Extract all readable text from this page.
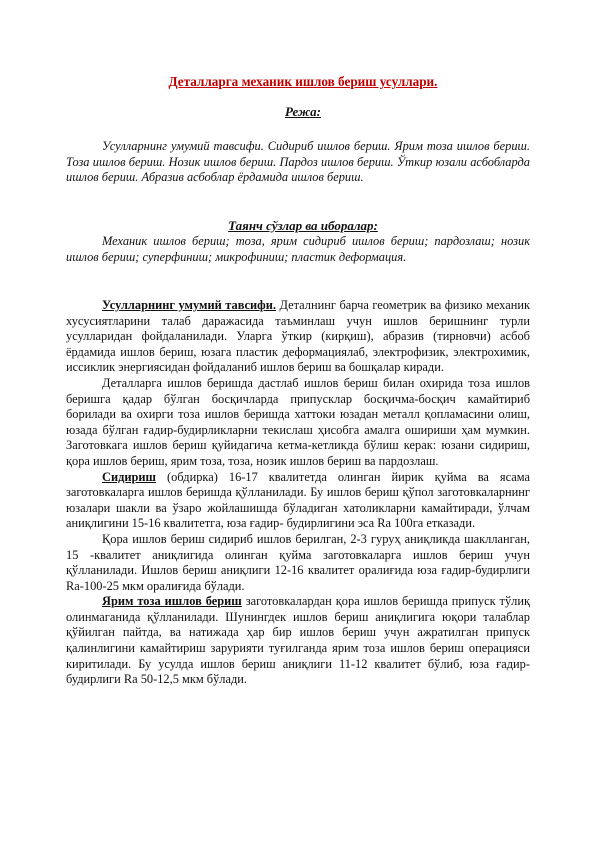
Деталларга механик ишлов бериш усуллари.
Режа:

Усулларнинг умумий тавсифи. Сидириб ишлов бериш. Ярим тоза ишлов бериш. Тоза ишлов бериш. Нозик ишлов бериш. Пардоз ишлов бериш. Ўткир юзали асбобларда ишлов бериш. Абразив асбоблар ёрдамида ишлов бериш.

Таянч сўзлар ва иборалар:

Механик ишлов бериш; тоза, ярим сидириб ишлов бериш; пардозлаш; нозик ишлов бериш; суперфиниш; микрофиниш; пластик деформация.

Усулларнинг умумий тавсифи. Деталнинг барча геометрик ва физико механик хусусиятларини талаб даражасида таъминлаш учун ишлов беришнинг турли усулларидан фойдаланилади. Уларга ўткир (кирқиш), абразив (тирновчи) асбоб ёрдамида ишлов бериш, юзага пластик деформациялаб, электрофизик, электрохимик, иссиклик энергиясидан фойдаланиб ишлов бериш ва бошқалар киради.

Деталларга ишлов беришда дастлаб ишлов бериш билан охирида тоза ишлов беришга қадар бўлган босқичларда припусклар босқичма-босқич камайтириб борилади ва охирги тоза ишлов беришда хаттоки юзадан металл қопламасини олиш, юзада бўлган ғадир-будирликларни текислаш ҳисобга амалга ошириши ҳам мумкин. Заготовкага ишлов бериш қуйидагича кетма-кетликда бўлиш керак: юзани сидириш, қора ишлов бериш, ярим тоза, тоза, нозик ишлов бериш ва пардозлаш.

Сидириш (обдирка) 16-17 квалитетда олинган йирик қуйма ва ясама заготовкаларга ишлов беришда қўлланилади. Бу ишлов бериш қўпол заготовкаларнинг юзалари шакли ва ўзаро жойлашишда бўладиган хатоликларни камайтиради, ўлчам аниқлигини 15-16 квалитетга, юза ғадир- будирлигини эса Ra 100га етказади.

Қора ишлов бериш сидириб ишлов берилган, 2-3 гуруҳ аниқликда шаклланган, 15 -квалитет аниқлигида олинган қуйма заготовкаларга ишлов бериш учун қўлланилади. Ишлов бериш аниқлиги 12-16 квалитет оралиғида юза ғадир-будирлиги Ra-100-25 мкм оралиғида бўлади.

Ярим тоза ишлов бериш заготовкалардан қора ишлов беришда припуск тўлиқ олинмаганида қўлланилади. Шунингдек ишлов бериш аниқлигига юқори талаблар қўйилган пайтда, ва натижада ҳар бир ишлов бериш учун ажратилган припуск қалинлигини камайтириш зарурияти туғилганда ярим тоза ишлов бериш операцияси киритилади. Бу усулда ишлов бериш аниқлиги 11-12 квалитет бўлиб, юза ғадир-будирлиги Ra 50-12,5 мкм бўлади.
